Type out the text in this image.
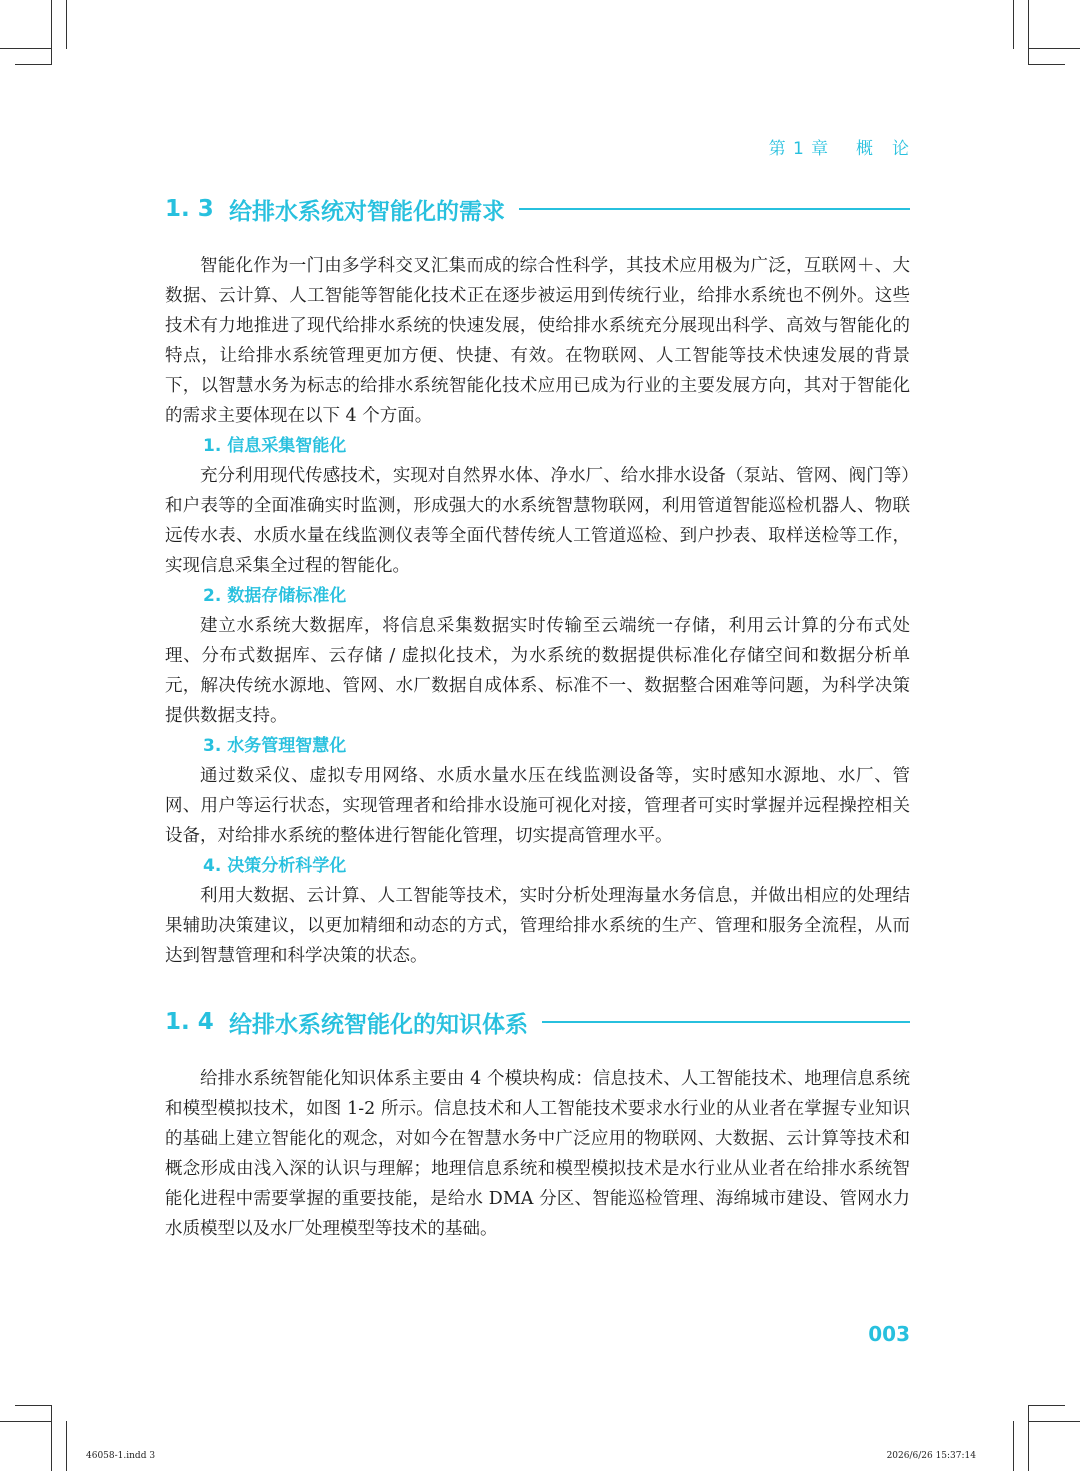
第 1 章 概　论
1. 3 给排水系统对智能化的需求

智能化作为一门由多学科交叉汇集而成的综合性科学，其技术应用极为广泛，互联网＋、大数据、云计算、人工智能等智能化技术正在逐步被运用到传统行业，给排水系统也不例外。这些技术有力地推进了现代给排水系统的快速发展，使给排水系统充分展现出科学、高效与智能化的特点，让给排水系统管理更加方便、快捷、有效。在物联网、人工智能等技术快速发展的背景下，以智慧水务为标志的给排水系统智能化技术应用已成为行业的主要发展方向，其对于智能化的需求主要体现在以下 4 个方面。

1. 信息采集智能化

充分利用现代传感技术，实现对自然界水体、净水厂、给水排水设备（泵站、管网、阀门等）和户表等的全面准确实时监测，形成强大的水系统智慧物联网，利用管道智能巡检机器人、物联远传水表、水质水量在线监测仪表等全面代替传统人工管道巡检、到户抄表、取样送检等工作，实现信息采集全过程的智能化。

2. 数据存储标准化

建立水系统大数据库，将信息采集数据实时传输至云端统一存储，利用云计算的分布式处理、分布式数据库、云存储 / 虚拟化技术，为水系统的数据提供标准化存储空间和数据分析单元，解决传统水源地、管网、水厂数据自成体系、标准不一、数据整合困难等问题，为科学决策提供数据支持。

3. 水务管理智慧化

通过数采仪、虚拟专用网络、水质水量水压在线监测设备等，实时感知水源地、水厂、管网、用户等运行状态，实现管理者和给排水设施可视化对接，管理者可实时掌握并远程操控相关设备，对给排水系统的整体进行智能化管理，切实提高管理水平。

4. 决策分析科学化

利用大数据、云计算、人工智能等技术，实时分析处理海量水务信息，并做出相应的处理结果辅助决策建议，以更加精细和动态的方式，管理给排水系统的生产、管理和服务全流程，从而达到智慧管理和科学决策的状态。

1. 4 给排水系统智能化的知识体系

给排水系统智能化知识体系主要由 4 个模块构成：信息技术、人工智能技术、地理信息系统和模型模拟技术，如图 1-2 所示。信息技术和人工智能技术要求水行业的从业者在掌握专业知识的基础上建立智能化的观念，对如今在智慧水务中广泛应用的物联网、大数据、云计算等技术和概念形成由浅入深的认识与理解；地理信息系统和模型模拟技术是水行业从业者在给排水系统智能化进程中需要掌握的重要技能，是给水 DMA 分区、智能巡检管理、海绵城市建设、管网水力水质模型以及水厂处理模型等技术的基础。

003
46058-1.indd 3	2026/6/26 15:37:14
